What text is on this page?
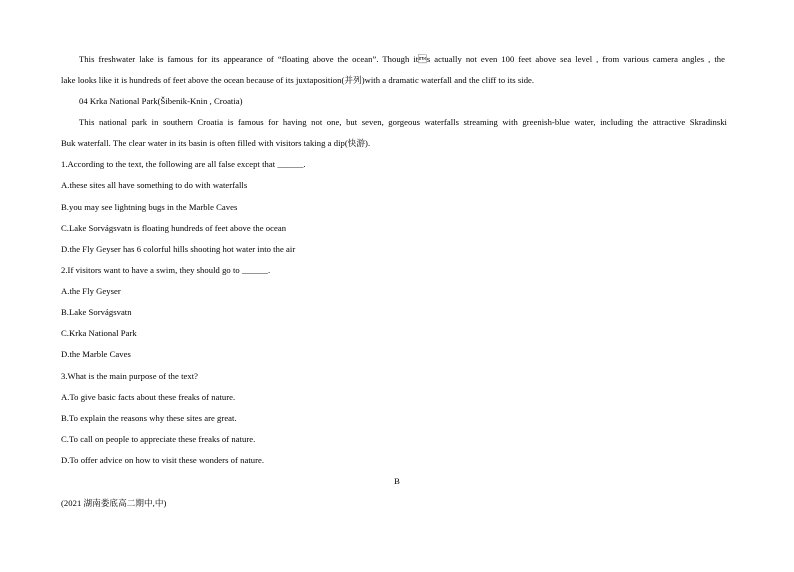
This freshwater lake is famous for its appearance of “floating above the ocean”. Though its actually not even 100 feet above sea level , from various camera angles , the
lake looks like it is hundreds of feet above the ocean because of its juxtaposition(并列)with a dramatic waterfall and the cliff to its side.
04 Krka National Park(Šibenik-Knin , Croatia)
This national park in southern Croatia is famous for having not one, but seven, gorgeous waterfalls streaming with greenish-blue water, including the attractive Skradinski
Buk waterfall. The clear water in its basin is often filled with visitors taking a dip(快游).
1.According to the text, the following are all false except that ______.
A.these sites all have something to do with waterfalls
B.you may see lightning bugs in the Marble Caves
C.Lake Sorvágsvatn is floating hundreds of feet above the ocean
D.the Fly Geyser has 6 colorful hills shooting hot water into the air
2.If visitors want to have a swim, they should go to ______.
A.the Fly Geyser
B.Lake Sorvágsvatn
C.Krka National Park
D.the Marble Caves
3.What is the main purpose of the text?
A.To give basic facts about these freaks of nature.
B.To explain the reasons why these sites are great.
C.To call on people to appreciate these freaks of nature.
D.To offer advice on how to visit these wonders of nature.
B
(2021 湖南娄底高二期中,中)
